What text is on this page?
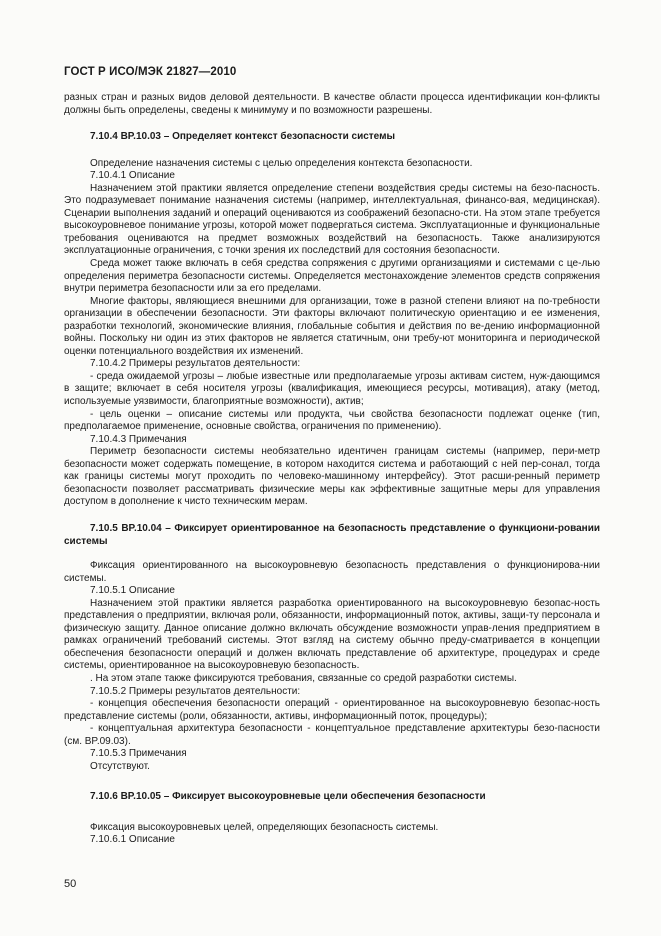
ГОСТ Р ИСО/МЭК 21827—2010

разных стран и разных видов деловой деятельности. В качестве области процесса идентификации кон-фликты должны быть определены, сведены к минимуму и по возможности разрешены.

7.10.4 BP.10.03 – Определяет контекст безопасности системы

Определение назначения системы с целью определения контекста безопасности.

7.10.4.1 Описание

Назначением этой практики является определение степени воздействия среды системы на безо-пасность. Это подразумевает понимание назначения системы (например, интеллектуальная, финансо-вая, медицинская). Сценарии выполнения заданий и операций оцениваются из соображений безопасно-сти. На этом этапе требуется высокоуровневое понимание угрозы, которой может подвергаться система. Эксплуатационные и функциональные требования оцениваются на предмет возможных воздействий на безопасность. Также анализируются эксплуатационные ограничения, с точки зрения их последствий для состояния безопасности.

Среда может также включать в себя средства сопряжения с другими организациями и системами с це-лью определения периметра безопасности системы. Определяется местонахождение элементов средств сопряжения внутри периметра безопасности или за его пределами.

Многие факторы, являющиеся внешними для организации, тоже в разной степени влияют на по-требности организации в обеспечении безопасности. Эти факторы включают политическую ориентацию и ее изменения, разработки технологий, экономические влияния, глобальные события и действия по ве-дению информационной войны. Поскольку ни один из этих факторов не является статичным, они требу-ют мониторинга и периодической оценки потенциального воздействия их изменений.

7.10.4.2 Примеры результатов деятельности:

- среда ожидаемой угрозы – любые известные или предполагаемые угрозы активам систем, нуж-дающимся в защите; включает в себя носителя угрозы (квалификация, имеющиеся ресурсы, мотивация), атаку (метод, используемые уязвимости, благоприятные возможности), актив;

- цель оценки – описание системы или продукта, чьи свойства безопасности подлежат оценке (тип, предполагаемое применение, основные свойства, ограничения по применению).

7.10.4.3 Примечания

Периметр безопасности системы необязательно идентичен границам системы (например, пери-метр безопасности может содержать помещение, в котором находится система и работающий с ней пер-сонал, тогда как границы системы могут проходить по человеко-машинному интерфейсу). Этот расши-ренный периметр безопасности позволяет рассматривать физические меры как эффективные защитные меры для управления доступом в дополнение к чисто техническим мерам.

7.10.5 BP.10.04 – Фиксирует ориентированное на безопасность представление о функциони-ровании системы

Фиксация ориентированного на высокоуровневую безопасность представления о функционирова-нии системы.

7.10.5.1 Описание

Назначением этой практики является разработка ориентированного на высокоуровневую безопас-ность представления о предприятии, включая роли, обязанности, информационный поток, активы, защи-ту персонала и физическую защиту. Данное описание должно включать обсуждение возможности управ-ления предприятием в рамках ограничений требований системы. Этот взгляд на систему обычно преду-сматривается в концепции обеспечения безопасности операций и должен включать представление об архитектуре, процедурах и среде системы, ориентированное на высокоуровневую безопасность.

. На этом этапе также фиксируются требования, связанные со средой разработки системы.

7.10.5.2 Примеры результатов деятельности:

- концепция обеспечения безопасности операций - ориентированное на высокоуровневую безопас-ность представление системы (роли, обязанности, активы, информационный поток, процедуры);

- концептуальная архитектура безопасности - концептуальное представление архитектуры безо-пасности (см. BP.09.03).

7.10.5.3 Примечания

Отсутствуют.

7.10.6 BP.10.05 – Фиксирует высокоуровневые цели обеспечения безопасности

Фиксация высокоуровневых целей, определяющих безопасность системы.

7.10.6.1 Описание

50
